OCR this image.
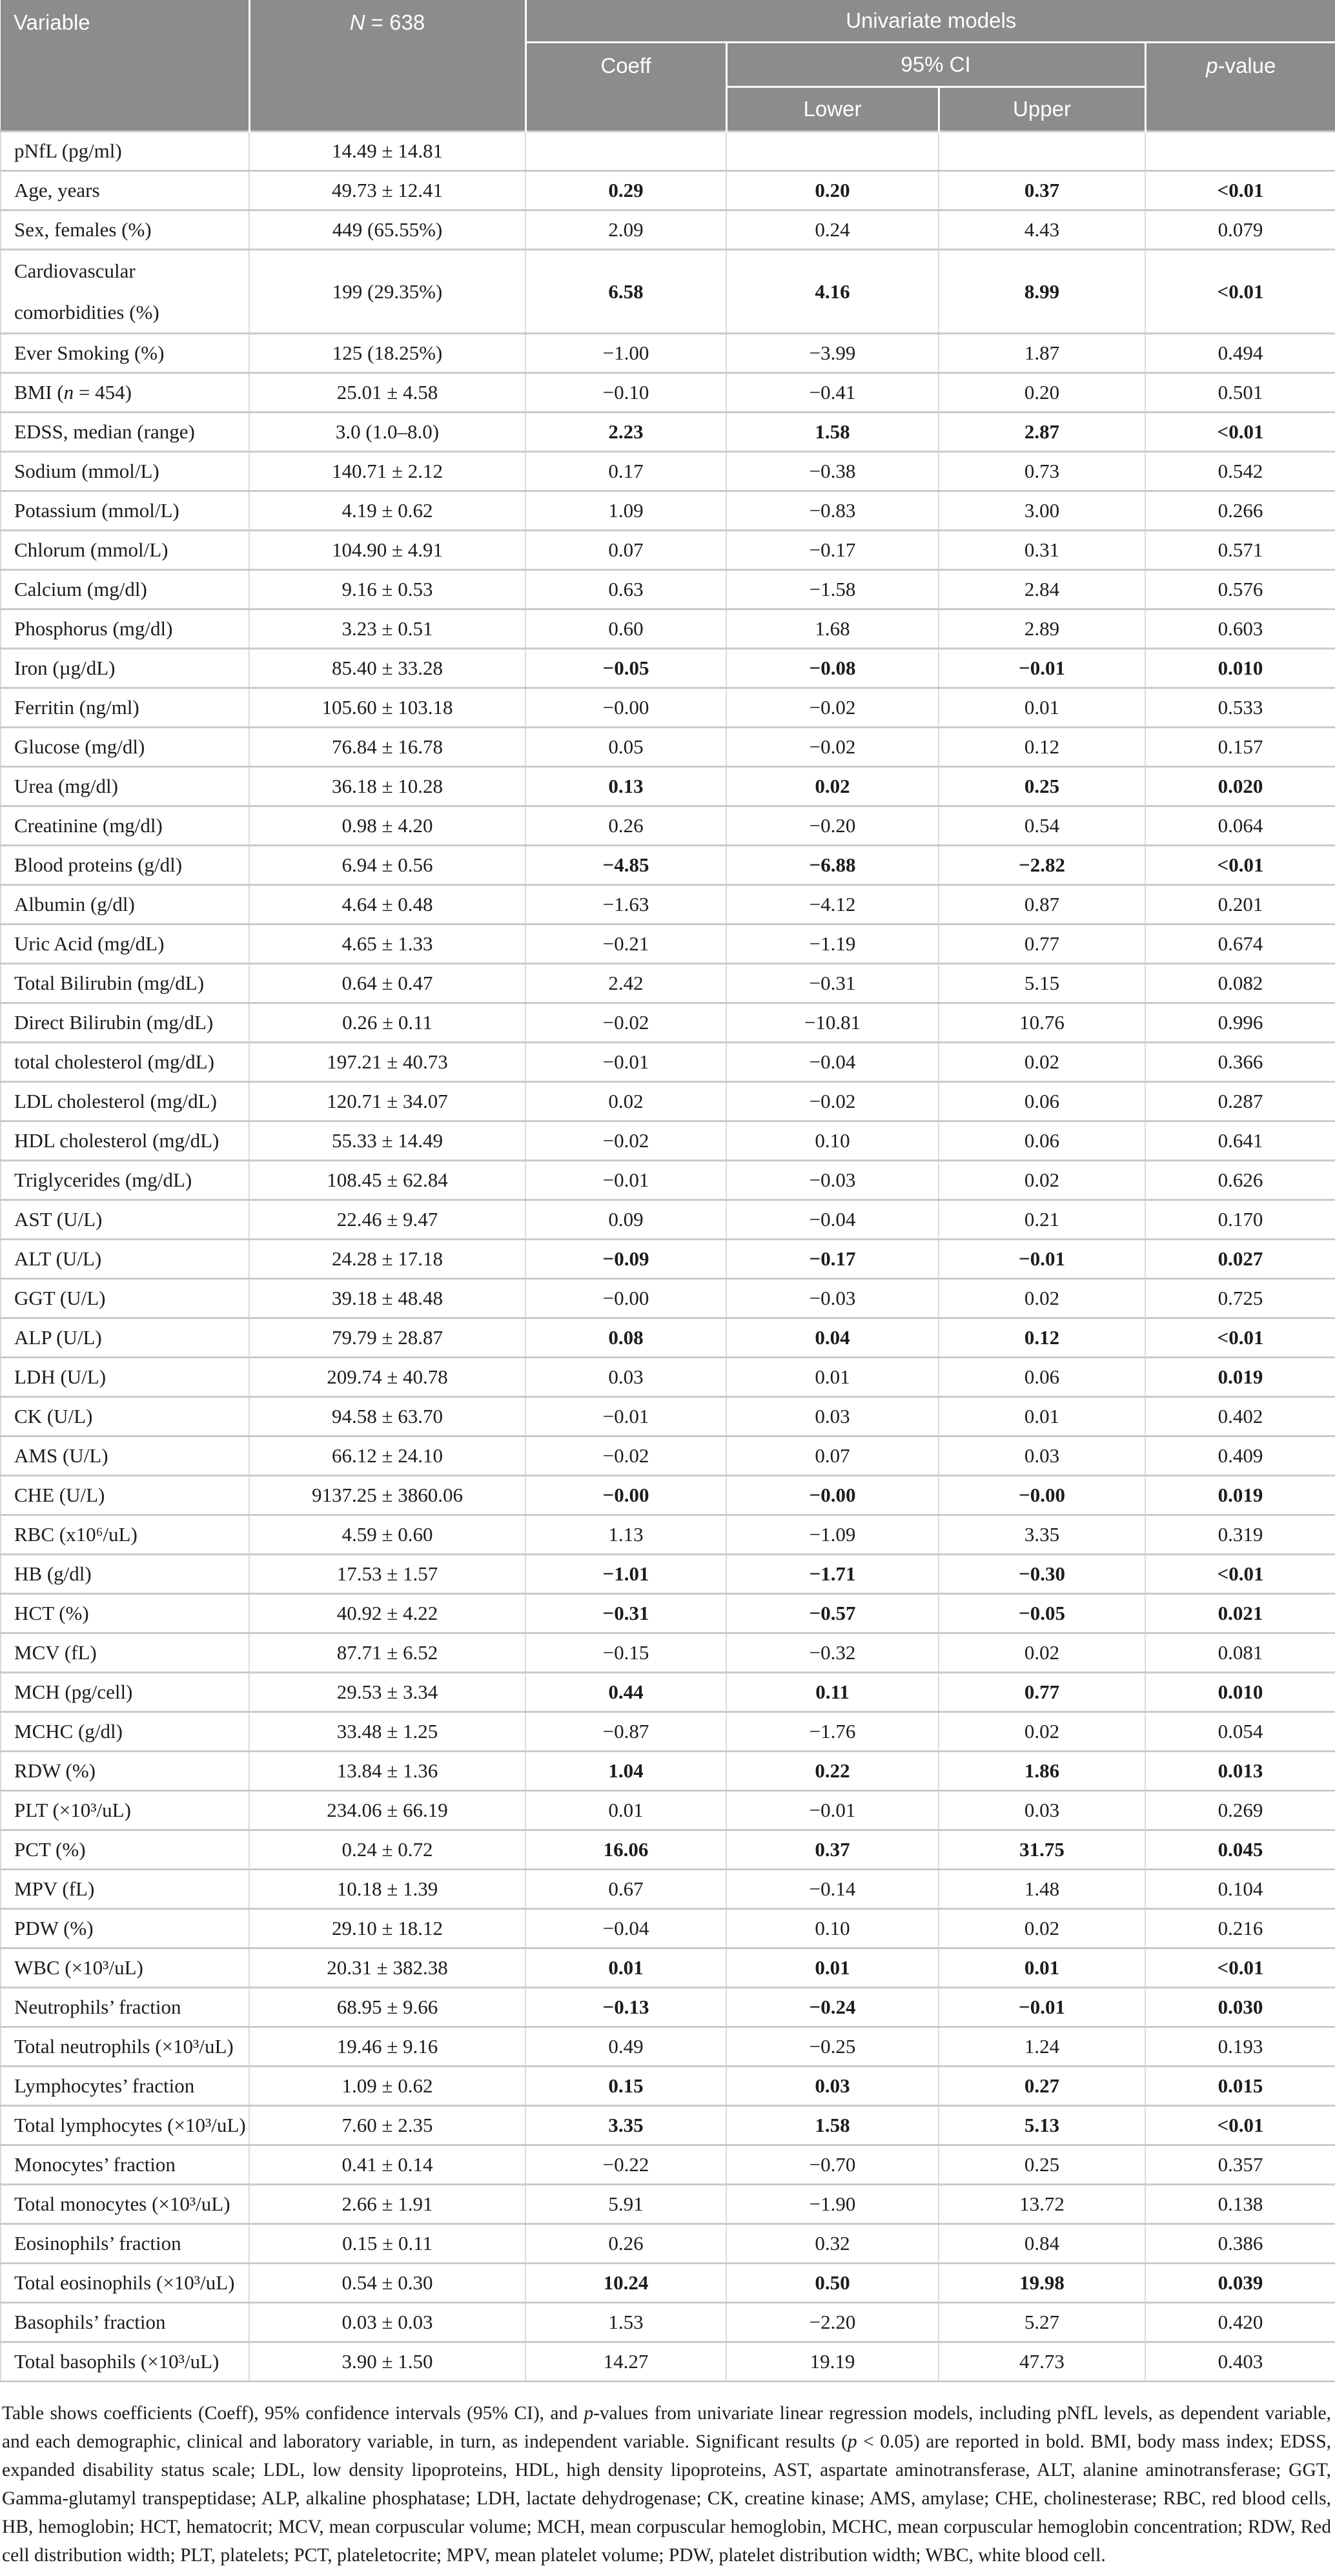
Variable	N = 638	Univariate models			
		Coeff	95% CI		p-value
			Lower	Upper	
pNfL (pg/ml)	14.49 ± 14.81				
Age, years	49.73 ± 12.41	0.29	0.20	0.37	<0.01
Sex, females (%)	449 (65.55%)	2.09	0.24	4.43	0.079
Cardiovascular comorbidities (%)	199 (29.35%)	6.58	4.16	8.99	<0.01
Ever Smoking (%)	125 (18.25%)	−1.00	−3.99	1.87	0.494
BMI (n = 454)	25.01 ± 4.58	−0.10	−0.41	0.20	0.501
EDSS, median (range)	3.0 (1.0–8.0)	2.23	1.58	2.87	<0.01
Sodium (mmol/L)	140.71 ± 2.12	0.17	−0.38	0.73	0.542
Potassium (mmol/L)	4.19 ± 0.62	1.09	−0.83	3.00	0.266
Chlorum (mmol/L)	104.90 ± 4.91	0.07	−0.17	0.31	0.571
Calcium (mg/dl)	9.16 ± 0.53	0.63	−1.58	2.84	0.576
Phosphorus (mg/dl)	3.23 ± 0.51	0.60	1.68	2.89	0.603
Iron (µg/dL)	85.40 ± 33.28	−0.05	−0.08	−0.01	0.010
Ferritin (ng/ml)	105.60 ± 103.18	−0.00	−0.02	0.01	0.533
Glucose (mg/dl)	76.84 ± 16.78	0.05	−0.02	0.12	0.157
Urea (mg/dl)	36.18 ± 10.28	0.13	0.02	0.25	0.020
Creatinine (mg/dl)	0.98 ± 4.20	0.26	−0.20	0.54	0.064
Blood proteins (g/dl)	6.94 ± 0.56	−4.85	−6.88	−2.82	<0.01
Albumin (g/dl)	4.64 ± 0.48	−1.63	−4.12	0.87	0.201
Uric Acid (mg/dL)	4.65 ± 1.33	−0.21	−1.19	0.77	0.674
Total Bilirubin (mg/dL)	0.64 ± 0.47	2.42	−0.31	5.15	0.082
Direct Bilirubin (mg/dL)	0.26 ± 0.11	−0.02	−10.81	10.76	0.996
total cholesterol (mg/dL)	197.21 ± 40.73	−0.01	−0.04	0.02	0.366
LDL cholesterol (mg/dL)	120.71 ± 34.07	0.02	−0.02	0.06	0.287
HDL cholesterol (mg/dL)	55.33 ± 14.49	−0.02	0.10	0.06	0.641
Triglycerides (mg/dL)	108.45 ± 62.84	−0.01	−0.03	0.02	0.626
AST (U/L)	22.46 ± 9.47	0.09	−0.04	0.21	0.170
ALT (U/L)	24.28 ± 17.18	−0.09	−0.17	−0.01	0.027
GGT (U/L)	39.18 ± 48.48	−0.00	−0.03	0.02	0.725
ALP (U/L)	79.79 ± 28.87	0.08	0.04	0.12	<0.01
LDH (U/L)	209.74 ± 40.78	0.03	0.01	0.06	0.019
CK (U/L)	94.58 ± 63.70	−0.01	0.03	0.01	0.402
AMS (U/L)	66.12 ± 24.10	−0.02	0.07	0.03	0.409
CHE (U/L)	9137.25 ± 3860.06	−0.00	−0.00	−0.00	0.019
RBC (x10⁶/uL)	4.59 ± 0.60	1.13	−1.09	3.35	0.319
HB (g/dl)	17.53 ± 1.57	−1.01	−1.71	−0.30	<0.01
HCT (%)	40.92 ± 4.22	−0.31	−0.57	−0.05	0.021
MCV (fL)	87.71 ± 6.52	−0.15	−0.32	0.02	0.081
MCH (pg/cell)	29.53 ± 3.34	0.44	0.11	0.77	0.010
MCHC (g/dl)	33.48 ± 1.25	−0.87	−1.76	0.02	0.054
RDW (%)	13.84 ± 1.36	1.04	0.22	1.86	0.013
PLT (×10³/uL)	234.06 ± 66.19	0.01	−0.01	0.03	0.269
PCT (%)	0.24 ± 0.72	16.06	0.37	31.75	0.045
MPV (fL)	10.18 ± 1.39	0.67	−0.14	1.48	0.104
PDW (%)	29.10 ± 18.12	−0.04	0.10	0.02	0.216
WBC (×10³/uL)	20.31 ± 382.38	0.01	0.01	0.01	<0.01
Neutrophils’ fraction	68.95 ± 9.66	−0.13	−0.24	−0.01	0.030
Total neutrophils (×10³/uL)	19.46 ± 9.16	0.49	−0.25	1.24	0.193
Lymphocytes’ fraction	1.09 ± 0.62	0.15	0.03	0.27	0.015
Total lymphocytes (×10³/uL)	7.60 ± 2.35	3.35	1.58	5.13	<0.01
Monocytes’ fraction	0.41 ± 0.14	−0.22	−0.70	0.25	0.357
Total monocytes (×10³/uL)	2.66 ± 1.91	5.91	−1.90	13.72	0.138
Eosinophils’ fraction	0.15 ± 0.11	0.26	0.32	0.84	0.386
Total eosinophils (×10³/uL)	0.54 ± 0.30	10.24	0.50	19.98	0.039
Basophils’ fraction	0.03 ± 0.03	1.53	−2.20	5.27	0.420
Total basophils (×10³/uL)	3.90 ± 1.50	14.27	19.19	47.73	0.403
Table shows coefficients (Coeff), 95% confidence intervals (95% CI), and p-values from univariate linear regression models, including pNfL levels, as dependent variable, and each demographic, clinical and laboratory variable, in turn, as independent variable. Significant results (p < 0.05) are reported in bold. BMI, body mass index; EDSS, expanded disability status scale; LDL, low density lipoproteins, HDL, high density lipoproteins, AST, aspartate aminotransferase, ALT, alanine aminotransferase; GGT, Gamma-glutamyl transpeptidase; ALP, alkaline phosphatase; LDH, lactate dehydrogenase; CK, creatine kinase; AMS, amylase; CHE, cholinesterase; RBC, red blood cells, HB, hemoglobin; HCT, hematocrit; MCV, mean corpuscular volume; MCH, mean corpuscular hemoglobin, MCHC, mean corpuscular hemoglobin concentration; RDW, Red cell distribution width; PLT, platelets; PCT, plateletocrite; MPV, mean platelet volume; PDW, platelet distribution width; WBC, white blood cell.
